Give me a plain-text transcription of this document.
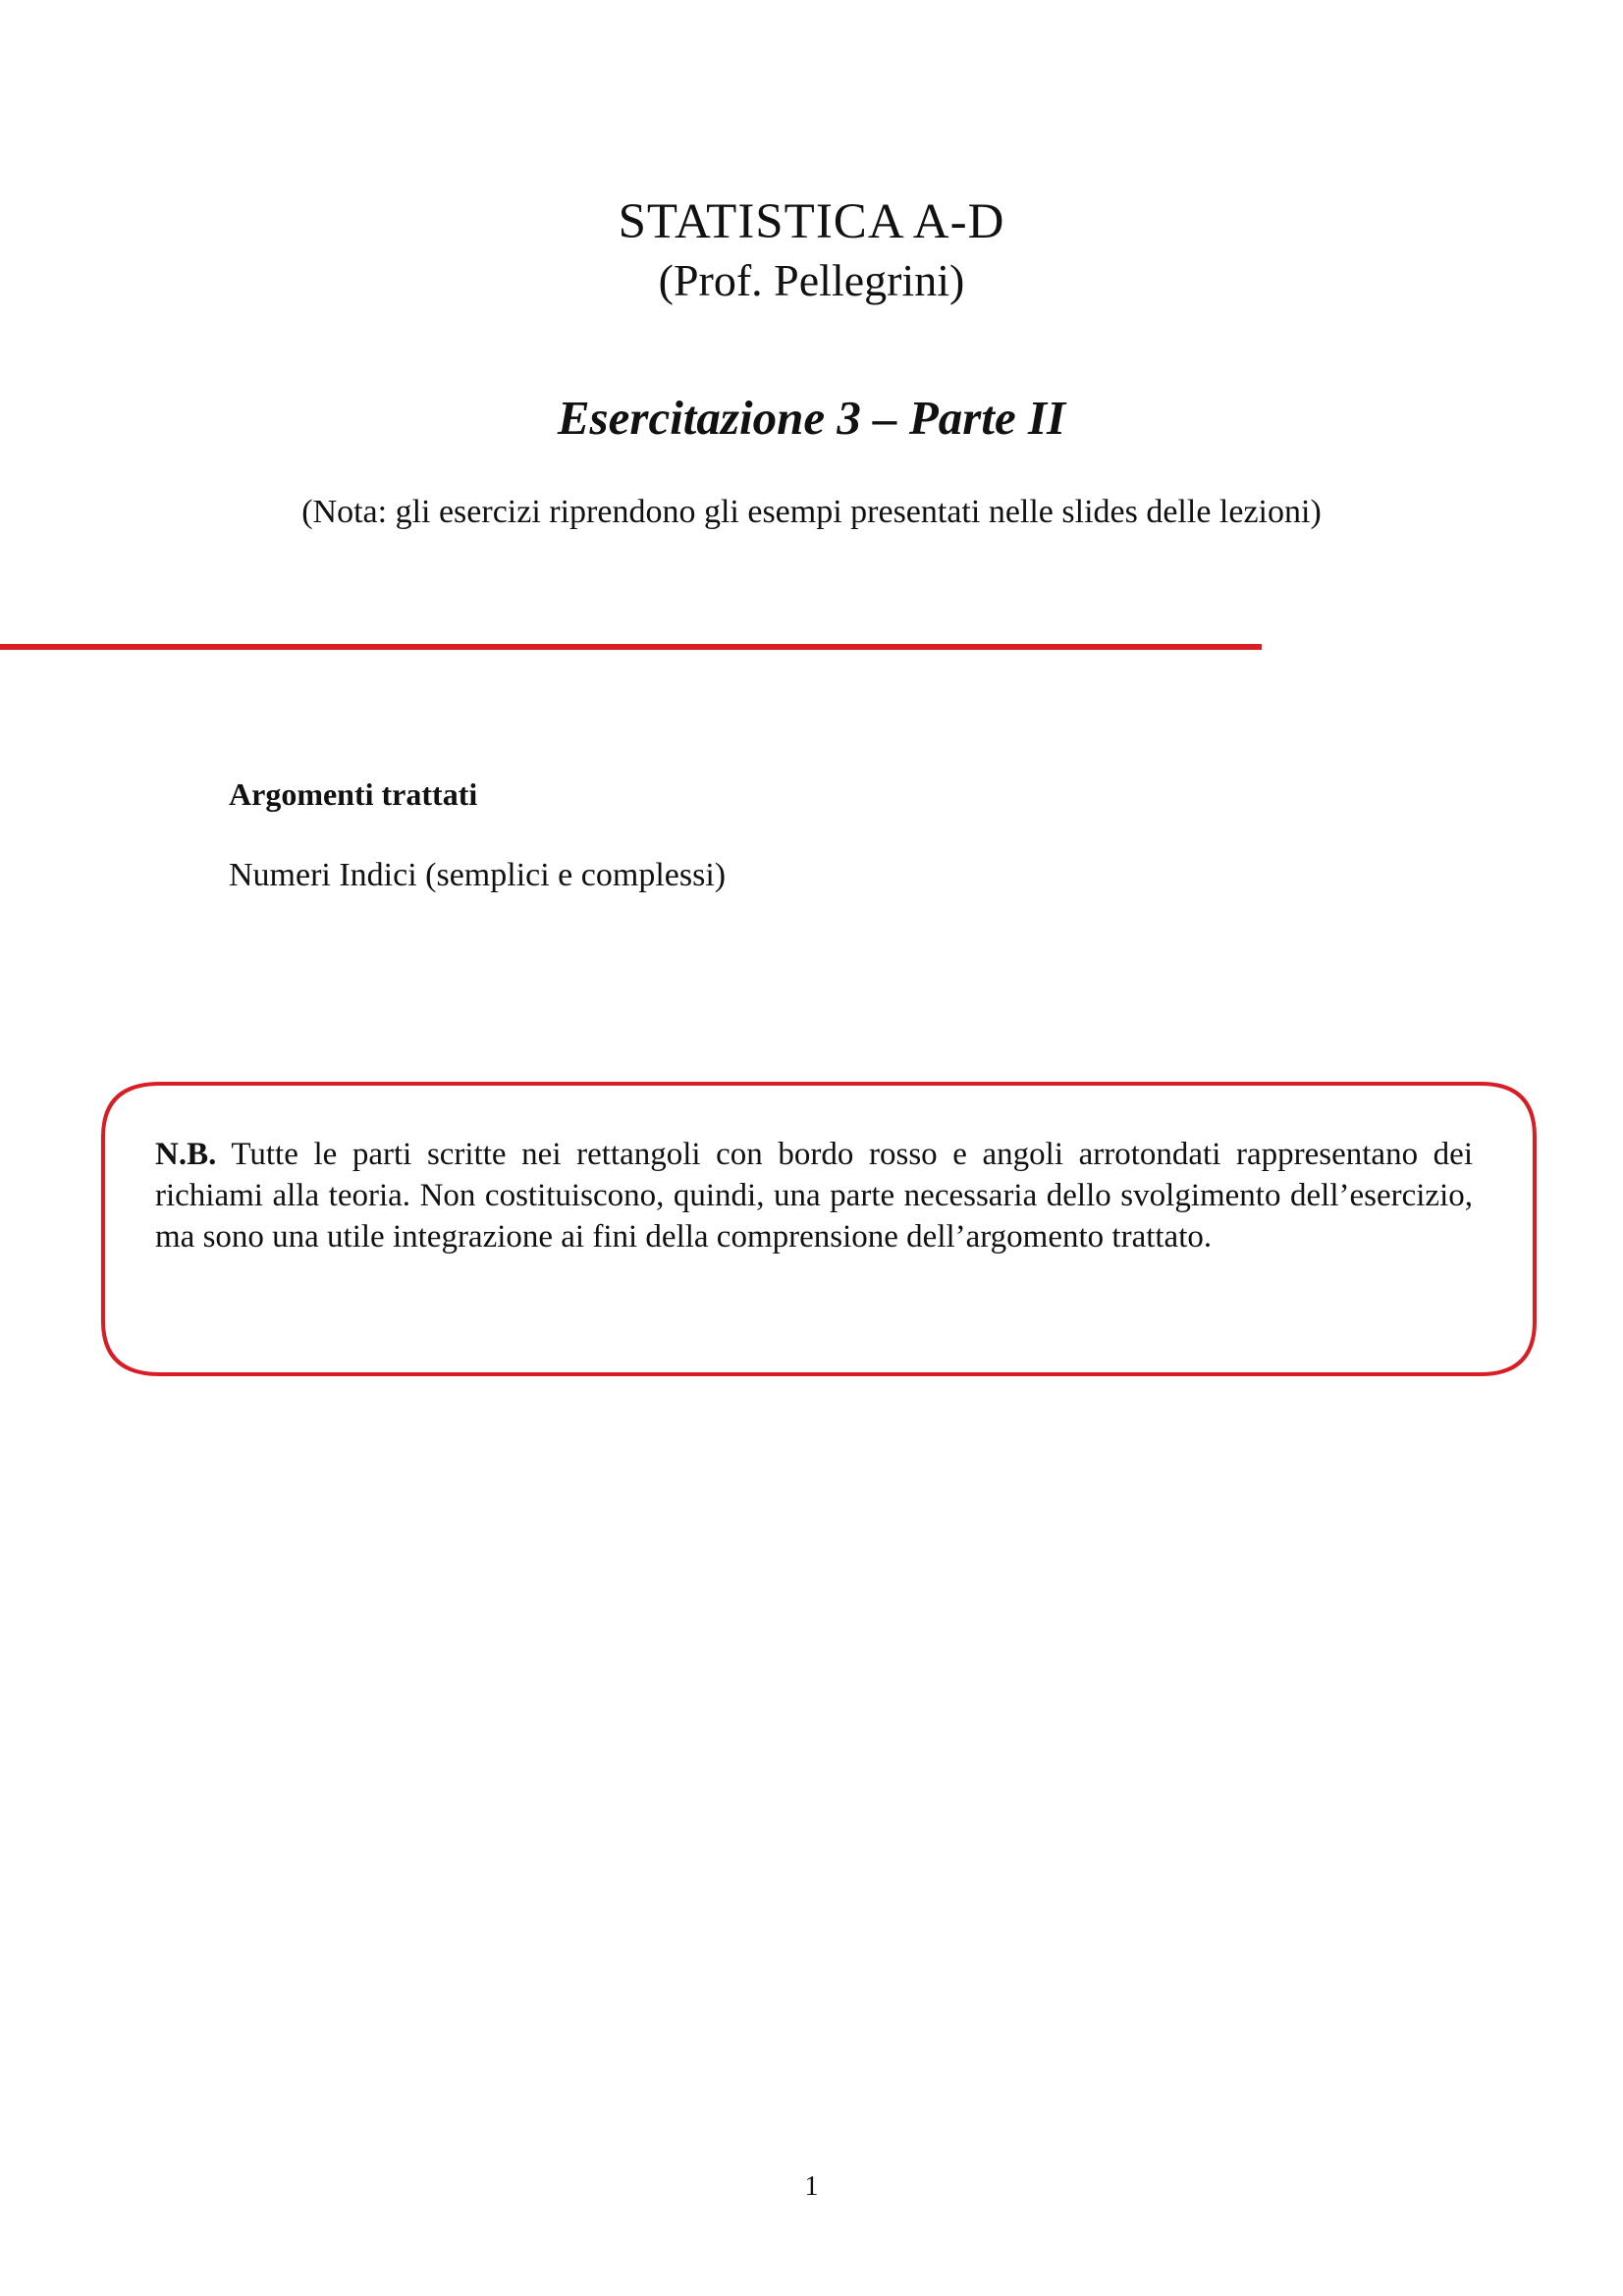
STATISTICA A-D
(Prof. Pellegrini)
Esercitazione 3 – Parte II
(Nota: gli esercizi riprendono gli esempi presentati nelle slides delle lezioni)
Argomenti trattati
Numeri Indici (semplici e complessi)
N.B. Tutte le parti scritte nei rettangoli con bordo rosso e angoli arrotondati rappresentano dei richiami alla teoria. Non costituiscono, quindi, una parte necessaria dello svolgimento dell’esercizio, ma sono una utile integrazione ai fini della comprensione dell’argomento trattato.
1
